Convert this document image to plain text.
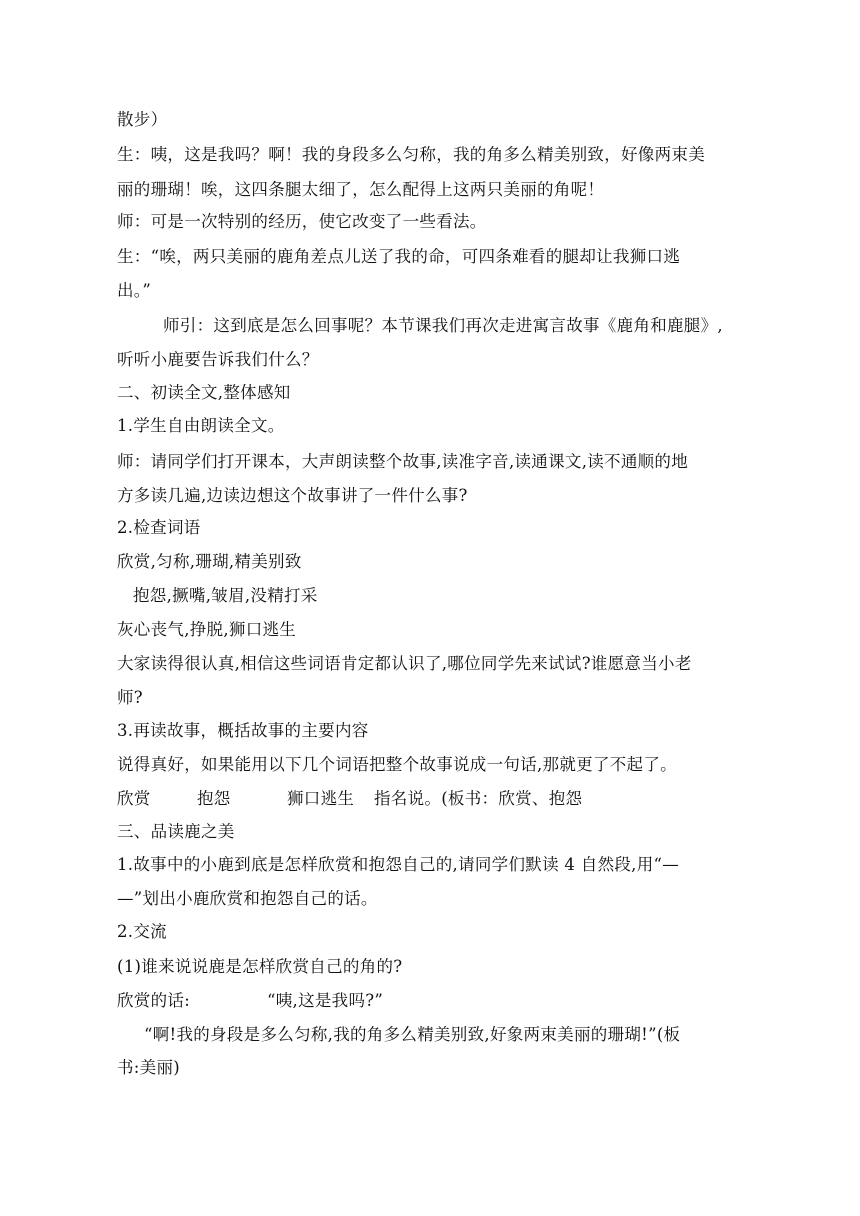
散步）
生：咦，这是我吗？啊！我的身段多么匀称，我的角多么精美别致，好像两束美
丽的珊瑚！唉，这四条腿太细了，怎么配得上这两只美丽的角呢！
师：可是一次特别的经历，使它改变了一些看法。
生：“唉，两只美丽的鹿角差点儿送了我的命，可四条难看的腿却让我狮口逃
出。”
师引：这到底是怎么回事呢？本节课我们再次走进寓言故事《鹿角和鹿腿》,
听听小鹿要告诉我们什么？
二、初读全文,整体感知
1.学生自由朗读全文。
师：请同学们打开课本，大声朗读整个故事,读准字音,读通课文,读不通顺的地
方多读几遍,边读边想这个故事讲了一件什么事?
2.检查词语
欣赏,匀称,珊瑚,精美别致
抱怨,撅嘴,皱眉,没精打采
灰心丧气,挣脱,狮口逃生
大家读得很认真,相信这些词语肯定都认识了,哪位同学先来试试?谁愿意当小老
师?
3.再读故事，概括故事的主要内容
说得真好，如果能用以下几个词语把整个故事说成一句话,那就更了不起了。
欣赏	抱怨	狮口逃生 指名说。(板书：欣赏、抱怨
三、品读鹿之美
1.故事中的小鹿到底是怎样欣赏和抱怨自己的,请同学们默读 4 自然段,用“—
—”划出小鹿欣赏和抱怨自己的话。
2.交流
(1)谁来说说鹿是怎样欣赏自己的角的?
欣赏的话:	“咦,这是我吗?”
“啊!我的身段是多么匀称,我的角多么精美别致,好象两束美丽的珊瑚!”(板
书:美丽)
